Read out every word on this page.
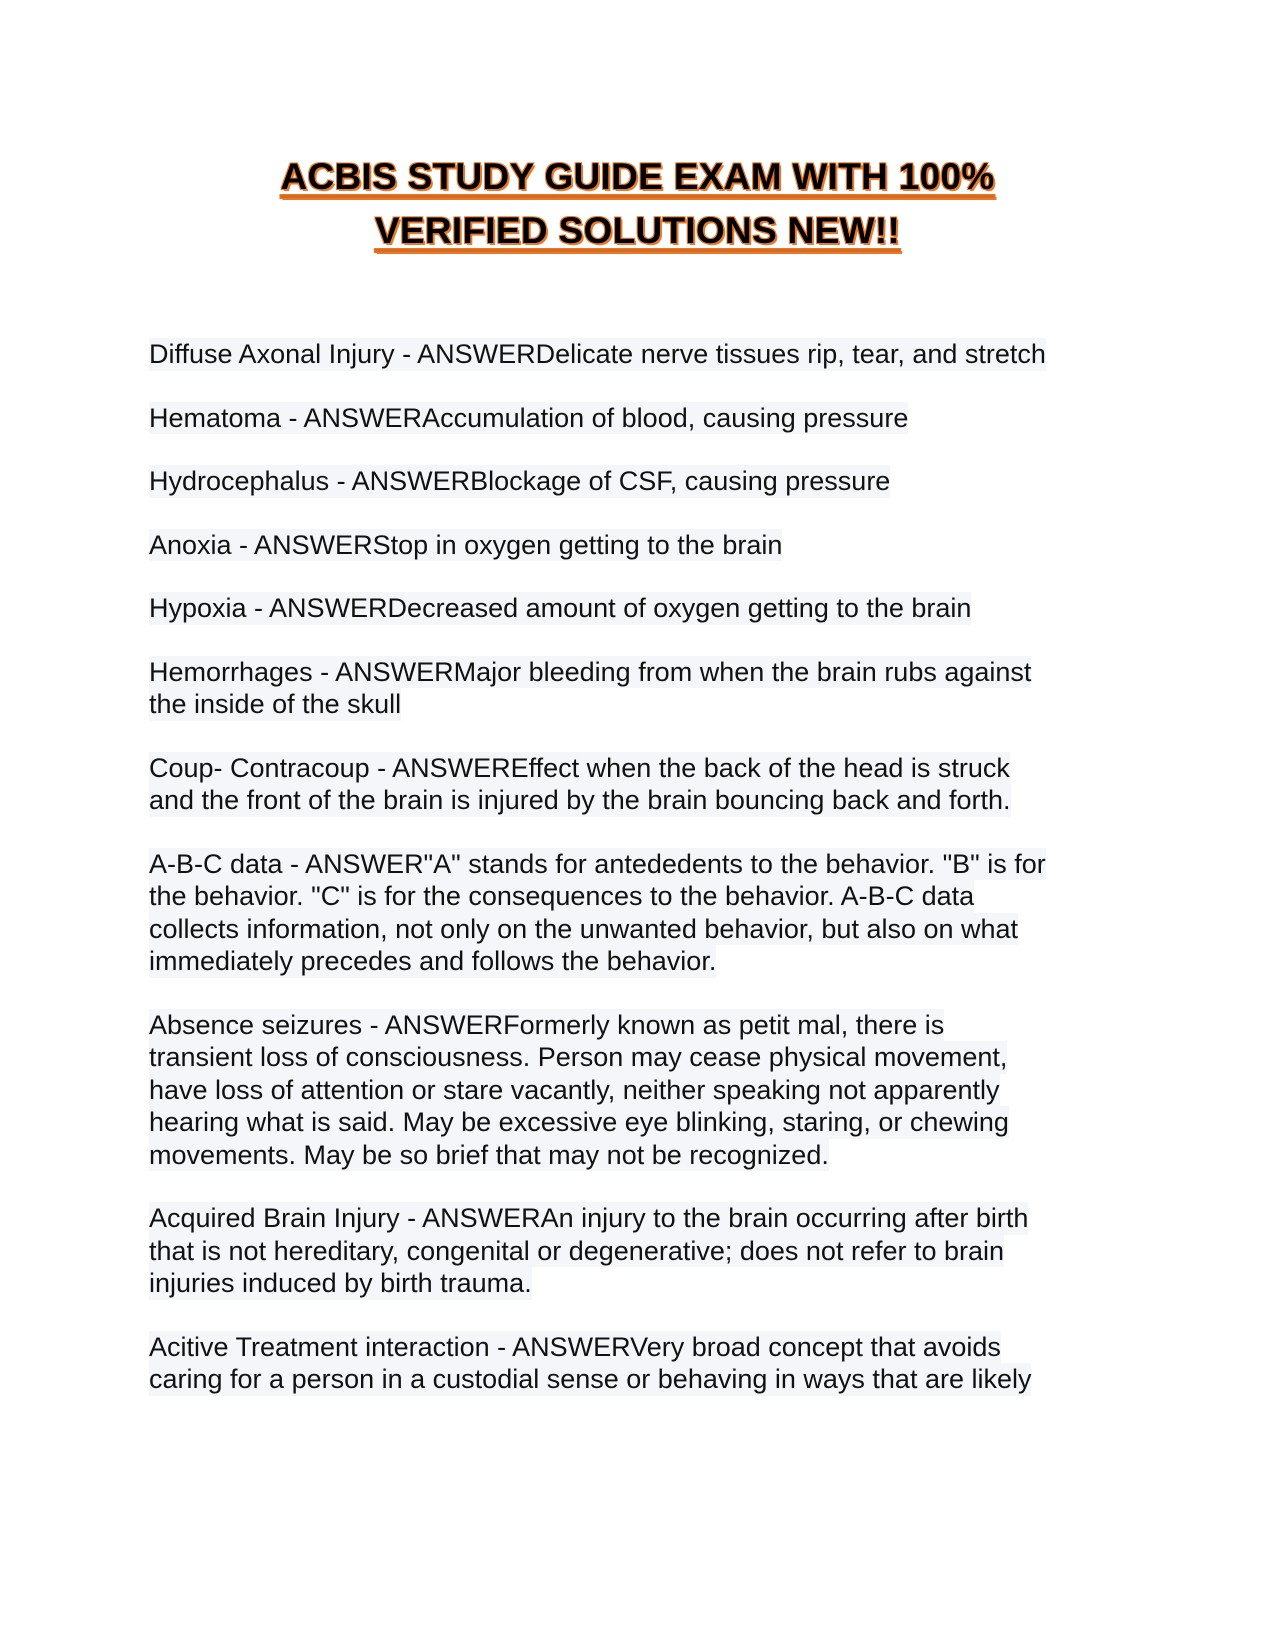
ACBIS STUDY GUIDE EXAM WITH 100%
VERIFIED SOLUTIONS NEW!!
Diffuse Axonal Injury - ANSWERDelicate nerve tissues rip, tear, and stretch
Hematoma - ANSWERAccumulation of blood, causing pressure
Hydrocephalus - ANSWERBlockage of CSF, causing pressure
Anoxia - ANSWERStop in oxygen getting to the brain
Hypoxia - ANSWERDecreased amount of oxygen getting to the brain
Hemorrhages - ANSWERMajor bleeding from when the brain rubs against
the inside of the skull
Coup- Contracoup - ANSWEREffect when the back of the head is struck
and the front of the brain is injured by the brain bouncing back and forth.
A-B-C data - ANSWER"A" stands for antededents to the behavior. "B" is for
the behavior. "C" is for the consequences to the behavior. A-B-C data
collects information, not only on the unwanted behavior, but also on what
immediately precedes and follows the behavior.
Absence seizures - ANSWERFormerly known as petit mal, there is
transient loss of consciousness. Person may cease physical movement,
have loss of attention or stare vacantly, neither speaking not apparently
hearing what is said. May be excessive eye blinking, staring, or chewing
movements. May be so brief that may not be recognized.
Acquired Brain Injury - ANSWERAn injury to the brain occurring after birth
that is not hereditary, congenital or degenerative; does not refer to brain
injuries induced by birth trauma.
Acitive Treatment interaction - ANSWERVery broad concept that avoids
caring for a person in a custodial sense or behaving in ways that are likely
